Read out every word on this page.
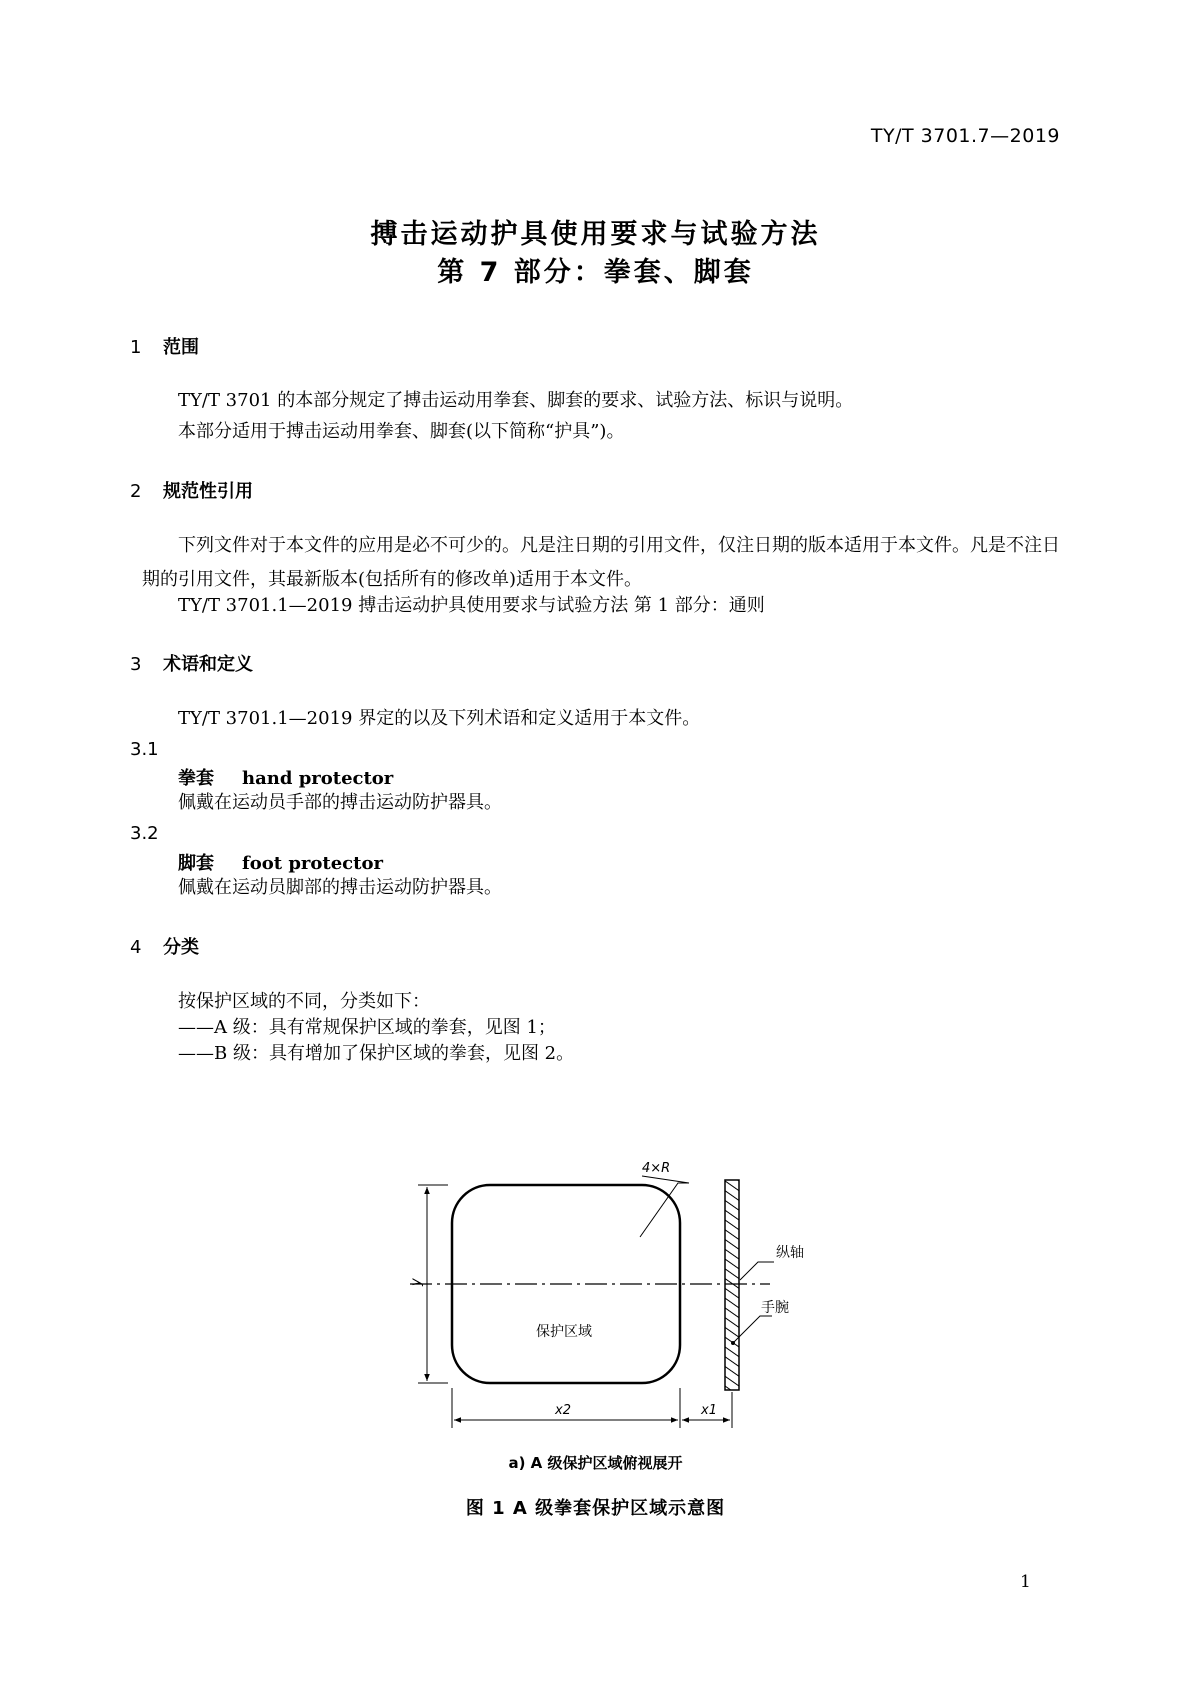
TY/T 3701.7—2019
搏击运动护具使用要求与试验方法
第 7 部分：拳套、脚套
1 范围
TY/T 3701 的本部分规定了搏击运动用拳套、脚套的要求、试验方法、标识与说明。
本部分适用于搏击运动用拳套、脚套(以下简称“护具”)。
2 规范性引用
下列文件对于本文件的应用是必不可少的。凡是注日期的引用文件，仅注日期的版本适用于本文件。凡是不注日期的引用文件，其最新版本(包括所有的修改单)适用于本文件。
TY/T 3701.1—2019 搏击运动护具使用要求与试验方法 第 1 部分：通则
3 术语和定义
TY/T 3701.1—2019 界定的以及下列术语和定义适用于本文件。
3.1
拳套 hand protector
佩戴在运动员手部的搏击运动防护器具。
3.2
脚套 foot protector
佩戴在运动员脚部的搏击运动防护器具。
4 分类
按保护区域的不同，分类如下：
——A 级：具有常规保护区域的拳套，见图 1；
——B 级：具有增加了保护区域的拳套，见图 2。
4×R
纵轴
手腕
保护区域
y
x2	x1
a) A 级保护区域俯视展开
图 1 A 级拳套保护区域示意图
1
